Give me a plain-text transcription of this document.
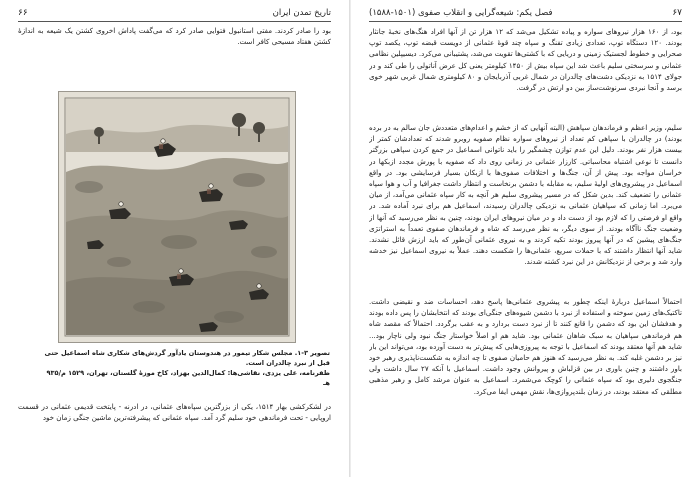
۶۶	تاریخ تمدن ایران

بود را صادر کردند. مفتی استانبول فتوایی صادر کرد که می‌گفت پاداش اخروی کشتن یک شیعه به اندازهٔ کشتن هفتاد مسیحی کافر است.

تصویر ۳-۱. مجلس شکار تیمور در هندوستان یادآور گردش‌های شکاری شاه اسماعیل حتی قبل از نبرد چالدران است.

ظفرنامه، علی یزدی، نقاشی‌ها: کمال‌الدین بهزاد، کاخ موزهٔ گلستان، تهران، ۱۵۲۹ م/۹۳۵ هـ

در لشکرکشی بهار ۱۵۱۴، یکی از بزرگترین سپاه‌های عثمانی، در ادرنه - پایتخت قدیمی عثمانی در قسمت اروپایی - تحت فرماندهی خود سلیم گرد آمد. سپاه عثمانی که پیشرفته‌ترین ماشین جنگی زمان خود

۶۷
فصل یکم: شیعه‌گرایی و انقلاب صفوی (۱۵۰۱-۱۵۸۸)

بود، از ۱۶۰ هزار نیروهای سواره و پیاده تشکیل می‌شد که ۱۲ هزار تن از آنها افراد هنگ‌های نخبهٔ جانثار بودند. ۱۲۰ دستگاه توپ، تعدادی زیادی تفنگ و سپاه چند قوهٔ عثمانی از دویست قبضه توپ، یکصد توپ صحرایی و خطوط لجستیک زمینی و دریایی که با کشتی‌ها تقویت می‌شد، پشتیبانی می‌کرد. دیسیپلین نظامی عثمانی و سرسختی سلیم باعث شد این سپاه بیش از ۱۴۵۰ کیلومتر یعنی کل عرض آناتولی را طی کند و در جولای ۱۵۱۴ به نزدیکی دشت‌های چالدران در شمال غربی آذربایجان و ۸۰ کیلومتری شمال غربی شهر خوی برسد و آنجا نبردی سرنوشت‌ساز بین دو ارتش در گرفت.

سلیم، وزیر اعظم و فرماندهان سپاهش (البته آنهایی که از خشم و اعدام‌های متعددش جان سالم به در برده بودند) در چالدران با سپاهی کم تعداد از نیروهای سواره نظام صفویه روبرو شدند که تعدادشان کمتر از بیست هزار نفر بودند. دلیل این عدم توازن چشمگیر را باید ناتوانی اسماعیل در جمع کردن سپاهی بزرگتر دانست تا نوعی اشتباه محاسباتی. کارزار عثمانی در زمانی روی داد که صفویه با پورش مجدد ازبکها در خراسان مواجه بود. پیش از آن، جنگ‌ها و اختلافات صفوی‌ها با ازبکان بسیار فرسایشی بود. در واقع اسماعیل در پیشروی‌های اولیهٔ سلیم، به مقابله با دشمن برنخاست و انتظار داشت جغرافیا و آب و هوا سپاه عثمانی را تضعیف کند. بدین شکل که در مسیر پیشروی سلیم هر آنچه به کار سپاه عثمانی می‌آمد، از میان می‌برد. اما زمانی که سپاهیان عثمانی به نزدیکی چالدران رسیدند، اسماعیل هم برای نبرد آماده شد. در واقع او فرصتی را که لازم بود از دست داد و در میان نیروهای ایران بودند، چنین به نظر می‌رسید که آنها از وضعیت جنگ ناآگاه بودند. از سوی دیگر، به نظر می‌رسد که شاه و فرماندهان صفوی تعمداً به استراتژی جنگ‌های پیشین که در آنها پیروز بودند تکیه کردند و به نیروی عثمانی آن‌طور که باید ارزش قائل نشدند. شاید آنها انتظار داشتند که با حملات سریع، عثمانی‌ها را شکست دهند. عملاً به نیروی اسماعیل نیز خدشه وارد شد و برخی از نزدیکانش در این نبرد کشته شدند.

احتمالاً اسماعیل دربارهٔ اینکه چطور به پیشروی عثمانی‌ها پاسخ دهد، احساسات ضد و نقیضی داشت. تاکتیک‌های زمین سوخته و استفاده از نبرد با دشمن شیوه‌های جنگی‌ای بودند که انتخابشان را پس داده بودند و هدفشان این بود که دشمن را قانع کنند تا از نبرد دست بردارد و به عقب برگردد. احتمالاً که مقصد شاه هم فرماندهی سپاهیان به سبک شاهان عثمانی بود. شاید هم او اصلاً خواستار جنگ نبود ولی ناچار بود... شاید هم آنها معتقد بودند که اسماعیل با توجه به پیروزی‌هایی که پیش‌تر به دست آورده بود، می‌تواند این بار نیز بر دشمن غلبه کند. به نظر می‌رسید که هنوز هم حامیان صفوی تا چه اندازه به شکست‌ناپذیری رهبر خود باور داشتند و چنین باوری در بین قزلباش و پیروانش وجود داشت. اسماعیل با آنکه ۲۷ سال داشت ولی جنگجوی دلیری بود که سپاه عثمانی را کوچک می‌شمرد. اسماعیل به عنوان مرشد کامل و رهبر مذهبی مطلقی که معتقد بودند، در زمان بلندپروازی‌ها، نقش مهمی ایفا می‌کرد.
